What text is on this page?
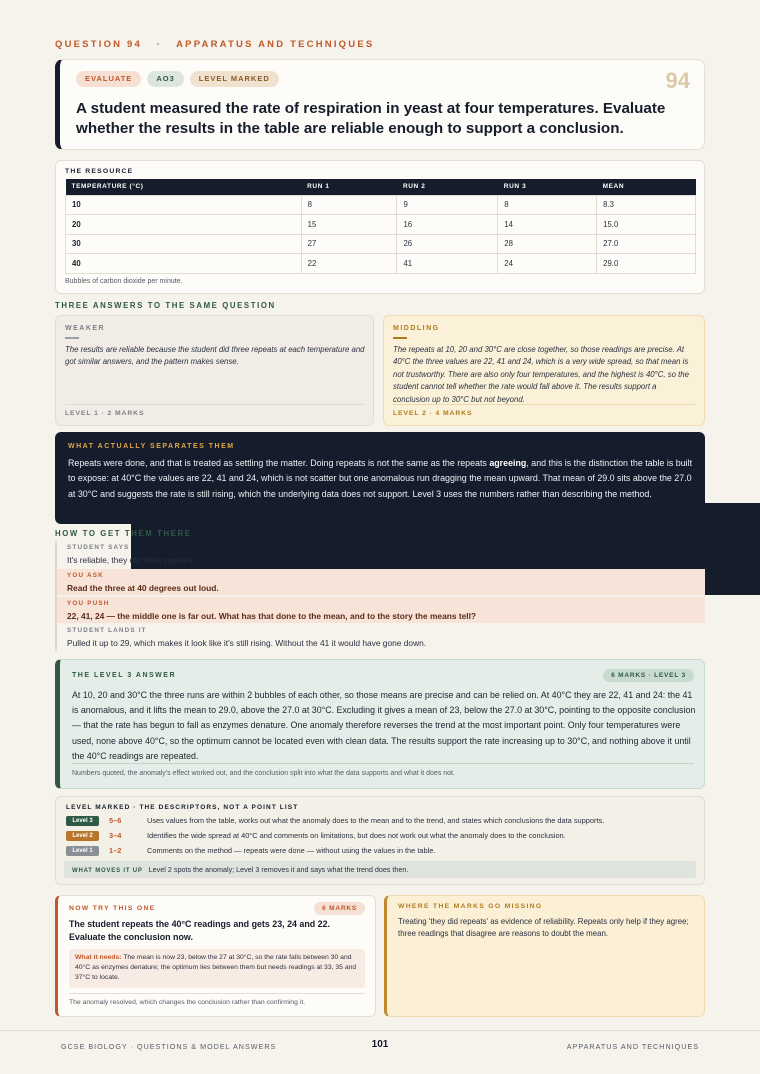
QUESTION 94 · APPARATUS AND TECHNIQUES
EVALUATE	AO3	LEVEL MARKED	94
A student measured the rate of respiration in yeast at four temperatures. Evaluate whether the results in the table are reliable enough to support a conclusion.
THE RESOURCE
TEMPERATURE (°C)	RUN 1	RUN 2	RUN 3	MEAN
10	8	9	8	8.3
20	15	16	14	15.0
30	27	26	28	27.0
40	22	41	24	29.0
Bubbles of carbon dioxide per minute.
THREE ANSWERS TO THE SAME QUESTION
WEAKER
The results are reliable because the student did three repeats at each temperature and got similar answers, and the pattern makes sense.
LEVEL 1 · 2 MARKS
MIDDLING
The repeats at 10, 20 and 30°C are close together, so those readings are precise. At 40°C the three values are 22, 41 and 24, which is a very wide spread, so that mean is not trustworthy. There are also only four temperatures, and the highest is 40°C, so the student cannot tell whether the rate would fall above it. The results support a conclusion up to 30°C but not beyond.
LEVEL 2 · 4 MARKS
WHAT ACTUALLY SEPARATES THEM
Repeats were done, and that is treated as settling the matter. Doing repeats is not the same as the repeats agreeing, and this is the distinction the table is built to expose: at 40°C the values are 22, 41 and 24, which is not scatter but one anomalous run dragging the mean upward. That mean of 29.0 sits above the 27.0 at 30°C and suggests the rate is still rising, which the underlying data does not support. Level 3 uses the numbers rather than describing the method.
HOW TO GET THEM THERE
STUDENT SAYS
It's reliable, they did three repeats.
YOU ASK
Read the three at 40 degrees out loud.
YOU PUSH
22, 41, 24 — the middle one is far out. What has that done to the mean, and to the story the means tell?
STUDENT LANDS IT
Pulled it up to 29, which makes it look like it's still rising. Without the 41 it would have gone down.
THE LEVEL 3 ANSWER	6 MARKS · LEVEL 3
At 10, 20 and 30°C the three runs are within 2 bubbles of each other, so those means are precise and can be relied on. At 40°C they are 22, 41 and 24: the 41 is anomalous, and it lifts the mean to 29.0, above the 27.0 at 30°C. Excluding it gives a mean of 23, below the 27.0 at 30°C, pointing to the opposite conclusion — that the rate has begun to fall as enzymes denature. One anomaly therefore reverses the trend at the most important point. Only four temperatures were used, none above 40°C, so the optimum cannot be located even with clean data. The results support the rate increasing up to 30°C, and nothing above it until the 40°C readings are repeated.
Numbers quoted, the anomaly's effect worked out, and the conclusion split into what the data supports and what it does not.
LEVEL MARKED · THE DESCRIPTORS, NOT A POINT LIST
Level 3	5–6	Uses values from the table, works out what the anomaly does to the mean and to the trend, and states which conclusions the data supports.
Level 2	3–4	Identifies the wide spread at 40°C and comments on limitations, but does not work out what the anomaly does to the conclusion.
Level 1	1–2	Comments on the method — repeats were done — without using the values in the table.
WHAT MOVES IT UP Level 2 spots the anomaly; Level 3 removes it and says what the trend does then.
NOW TRY THIS ONE	6 MARKS
The student repeats the 40°C readings and gets 23, 24 and 22. Evaluate the conclusion now.
What it needs: The mean is now 23, below the 27 at 30°C, so the rate falls between 30 and 40°C as enzymes denature; the optimum lies between them but needs readings at 33, 35 and 37°C to locate.
The anomaly resolved, which changes the conclusion rather than confirming it.
WHERE THE MARKS GO MISSING
Treating 'they did repeats' as evidence of reliability. Repeats only help if they agree; three readings that disagree are reasons to doubt the mean.
GCSE BIOLOGY · QUESTIONS & MODEL ANSWERS	101	APPARATUS AND TECHNIQUES
